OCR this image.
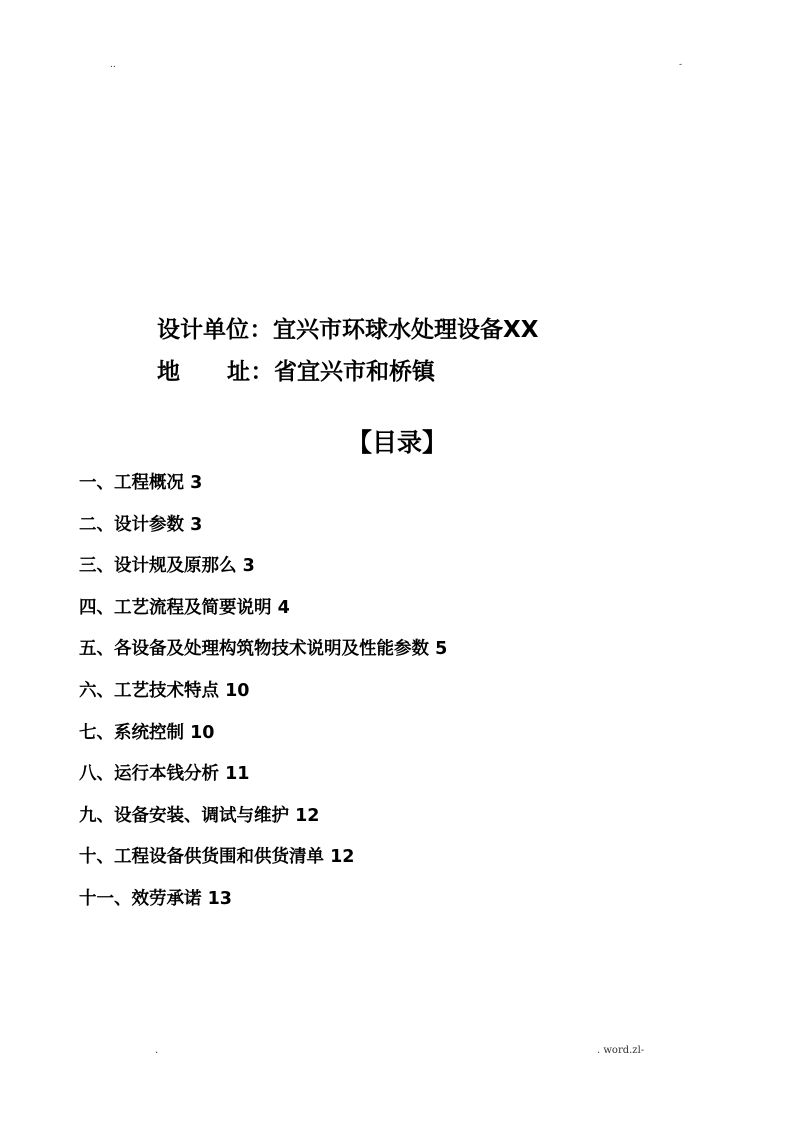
..	-
设计单位 ： 宜兴市环球水处理设备XX
地 址 ： 省宜兴市和桥镇
【目录】
一、工程概况 3
二、设计参数 3
三、设计规及原那么 3
四、工艺流程及简要说明 4
五、各设备及处理构筑物技术说明及性能参数 5
六、工艺技术特点 10
七、系统控制 10
八、运行本钱分析 11
九、设备安装、调试与维护 12
十、工程设备供货围和供货清单 12
十一、效劳承诺 13
.	. word.zl-
